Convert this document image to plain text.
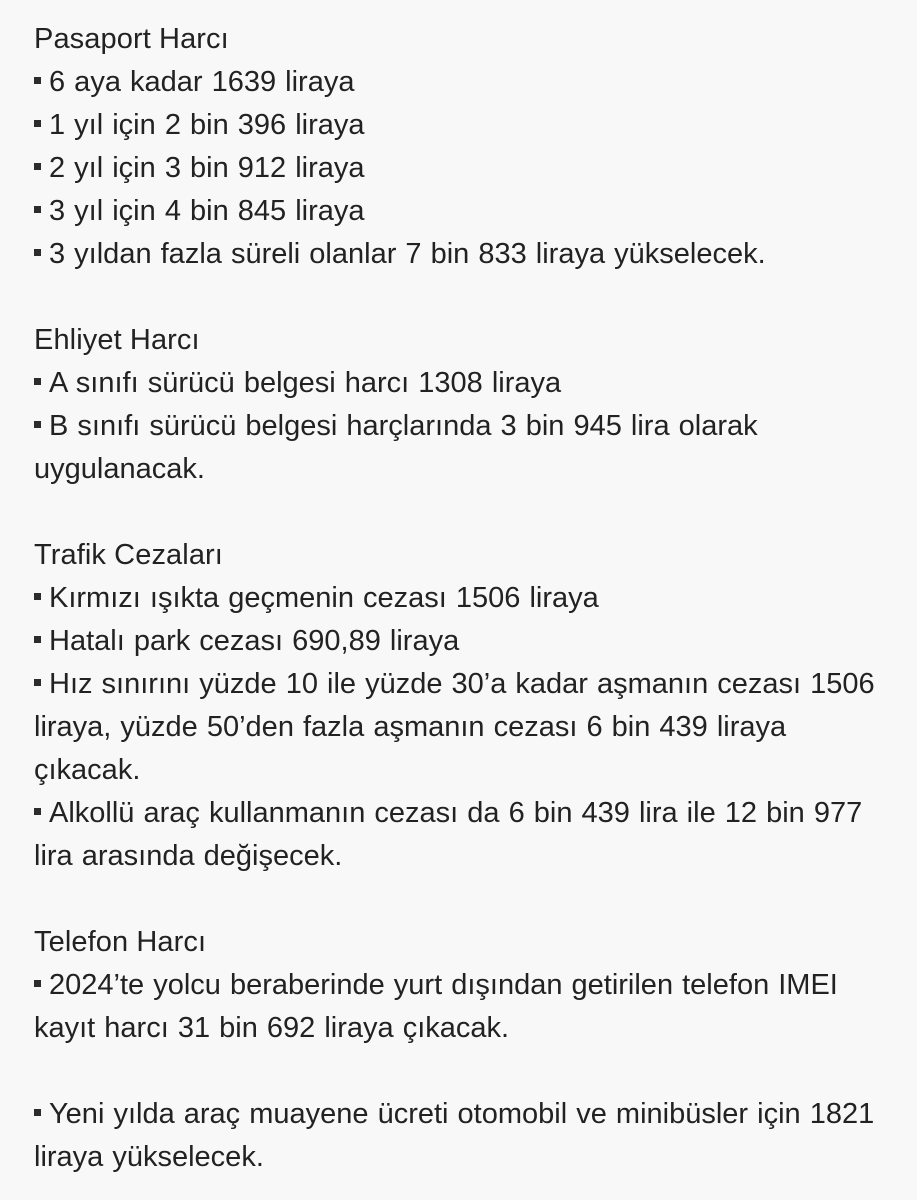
Pasaport Harcı

6 aya kadar 1639 liraya

1 yıl için 2 bin 396 liraya

2 yıl için 3 bin 912 liraya

3 yıl için 4 bin 845 liraya

3 yıldan fazla süreli olanlar 7 bin 833 liraya yükselecek.

Ehliyet Harcı

A sınıfı sürücü belgesi harcı 1308 liraya

B sınıfı sürücü belgesi harçlarında 3 bin 945 lira olarak uygulanacak.

Trafik Cezaları

Kırmızı ışıkta geçmenin cezası 1506 liraya

Hatalı park cezası 690,89 liraya

Hız sınırını yüzde 10 ile yüzde 30’a kadar aşmanın cezası 1506 liraya, yüzde 50’den fazla aşmanın cezası 6 bin 439 liraya çıkacak.

Alkollü araç kullanmanın cezası da 6 bin 439 lira ile 12 bin 977 lira arasında değişecek.

Telefon Harcı

2024’te yolcu beraberinde yurt dışından getirilen telefon IMEI kayıt harcı 31 bin 692 liraya çıkacak.

Yeni yılda araç muayene ücreti otomobil ve minibüsler için 1821 liraya yükselecek.
